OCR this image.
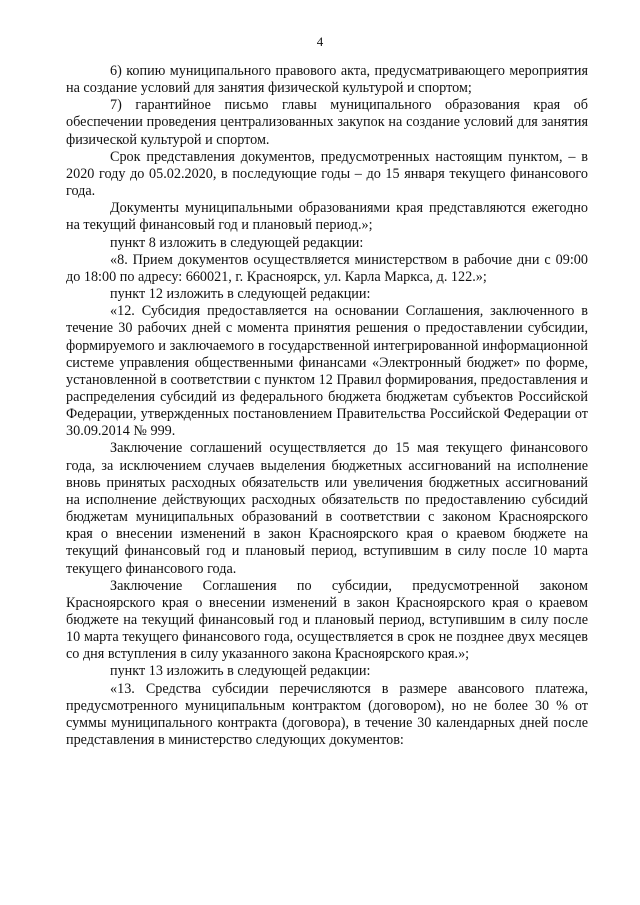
4

6) копию муниципального правового акта, предусматривающего мероприятия на создание условий для занятия физической культурой и спортом;

7) гарантийное письмо главы муниципального образования края об обеспечении проведения централизованных закупок на создание условий для занятия физической культурой и спортом.

Срок представления документов, предусмотренных настоящим пунктом, – в 2020 году до 05.02.2020, в последующие годы – до 15 января текущего финансового года.

Документы муниципальными образованиями края представляются ежегодно на текущий финансовый год и плановый период.»;

пункт 8 изложить в следующей редакции:

«8. Прием документов осуществляется министерством в рабочие дни с 09:00 до 18:00 по адресу: 660021, г. Красноярск, ул. Карла Маркса, д. 122.»;

пункт 12 изложить в следующей редакции:

«12. Субсидия предоставляется на основании Соглашения, заключенного в течение 30 рабочих дней с момента принятия решения о предоставлении субсидии, формируемого и заключаемого в государственной интегрированной информационной системе управления общественными финансами «Электронный бюджет» по форме, установленной в соответствии с пунктом 12 Правил формирования, предоставления и распределения субсидий из федерального бюджета бюджетам субъектов Российской Федерации, утвержденных постановлением Правительства Российской Федерации от 30.09.2014 № 999.

Заключение соглашений осуществляется до 15 мая текущего финансового года, за исключением случаев выделения бюджетных ассигнований на исполнение вновь принятых расходных обязательств или увеличения бюджетных ассигнований на исполнение действующих расходных обязательств по предоставлению субсидий бюджетам муниципальных образований в соответствии с законом Красноярского края о внесении изменений в закон Красноярского края о краевом бюджете на текущий финансовый год и плановый период, вступившим в силу после 10 марта текущего финансового года.

Заключение Соглашения по субсидии, предусмотренной законом Красноярского края о внесении изменений в закон Красноярского края о краевом бюджете на текущий финансовый год и плановый период, вступившим в силу после 10 марта текущего финансового года, осуществляется в срок не позднее двух месяцев со дня вступления в силу указанного закона Красноярского края.»;

пункт 13 изложить в следующей редакции:

«13. Средства субсидии перечисляются в размере авансового платежа, предусмотренного муниципальным контрактом (договором), но не более 30 % от суммы муниципального контракта (договора), в течение 30 календарных дней после представления в министерство следующих документов:
